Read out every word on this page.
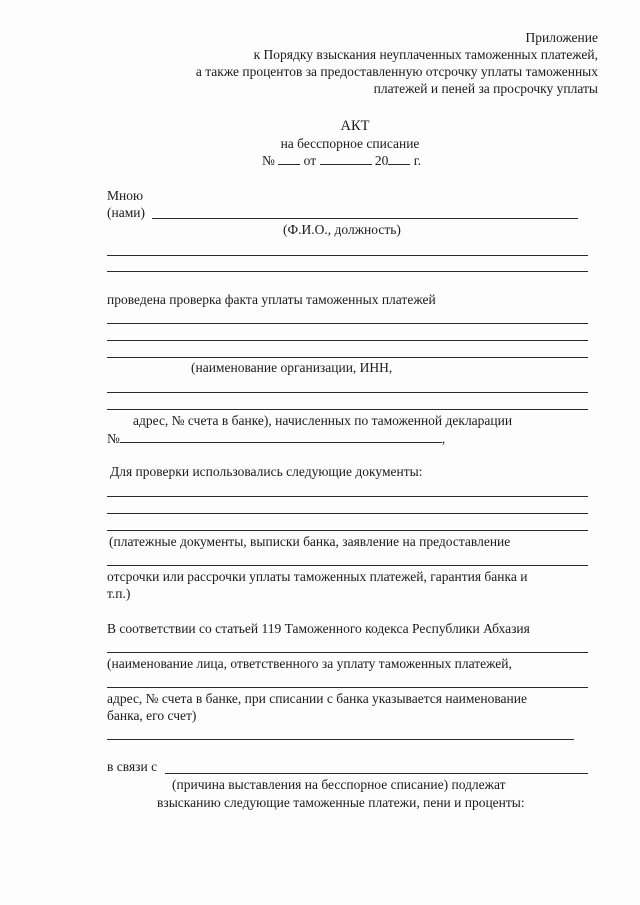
Приложение
к Порядку взыскания неуплаченных таможенных платежей,
а также процентов за предоставленную отсрочку уплаты таможенных
платежей и пеней за просрочку уплаты
АКТ
на бесспорное списание
№ от	20 г.
Мною
(нами)
(Ф.И.О., должность)
проведена проверка факта уплаты таможенных платежей
(наименование организации, ИНН,
адрес, № счета в банке), начисленных по таможенной декларации
№	,
Для проверки использовались следующие документы:
(платежные документы, выписки банка, заявление на предоставление
отсрочки или рассрочки уплаты таможенных платежей, гарантия банка и
т.п.)
В соответствии со статьей 119 Таможенного кодекса Республики Абхазия
(наименование лица, ответственного за уплату таможенных платежей,
адрес, № счета в банке, при списании с банка указывается наименование
банка, его счет)
в связи с
(причина выставления на бесспорное списание) подлежат
взысканию следующие таможенные платежи, пени и проценты:
